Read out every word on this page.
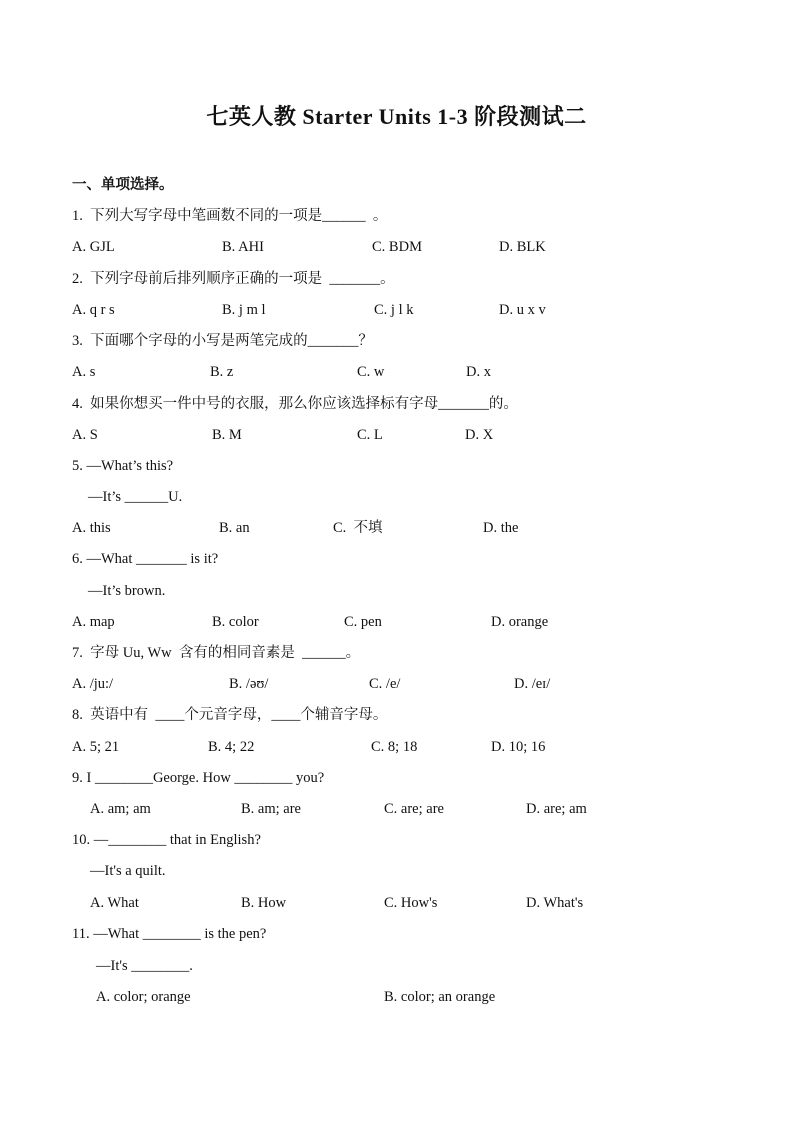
七英人教 Starter Units 1-3 阶段测试二
一、单项选择。
1.  下列大写字母中笔画数不同的一项是______  。
A. GJL	B. AHI	C. BDM	D. BLK
2.  下列字母前后排列顺序正确的一项是  _______。
A. q r s	B. j m l	C. j l k	D. u x v
3.  下面哪个字母的小写是两笔完成的_______？
A. s	B. z	C. w	D. x
4.  如果你想买一件中号的衣服，那么你应该选择标有字母_______的。
A. S	B. M	C. L	D. X
5. —What’s this?
—It’s ______U.
A. this	B. an	C.  不填	D. the
6. —What _______ is it?
—It’s brown.
A. map	B. color	C. pen	D. orange
7.  字母 Uu, Ww  含有的相同音素是  ______。
A. /ju:/	B. /əʊ/	C. /e/	D. /eɪ/
8.  英语中有  ____个元音字母，____个辅音字母。
A. 5; 21	B. 4; 22	C. 8; 18	D. 10; 16
9. I ________George. How ________ you?
A. am; am	B. am; are	C. are; are	D. are; am
10. —________ that in English?
—It's a quilt.
A. What	B. How	C. How's	D. What's
11. —What ________ is the pen?
—It's ________.
A. color; orange	B. color; an orange
